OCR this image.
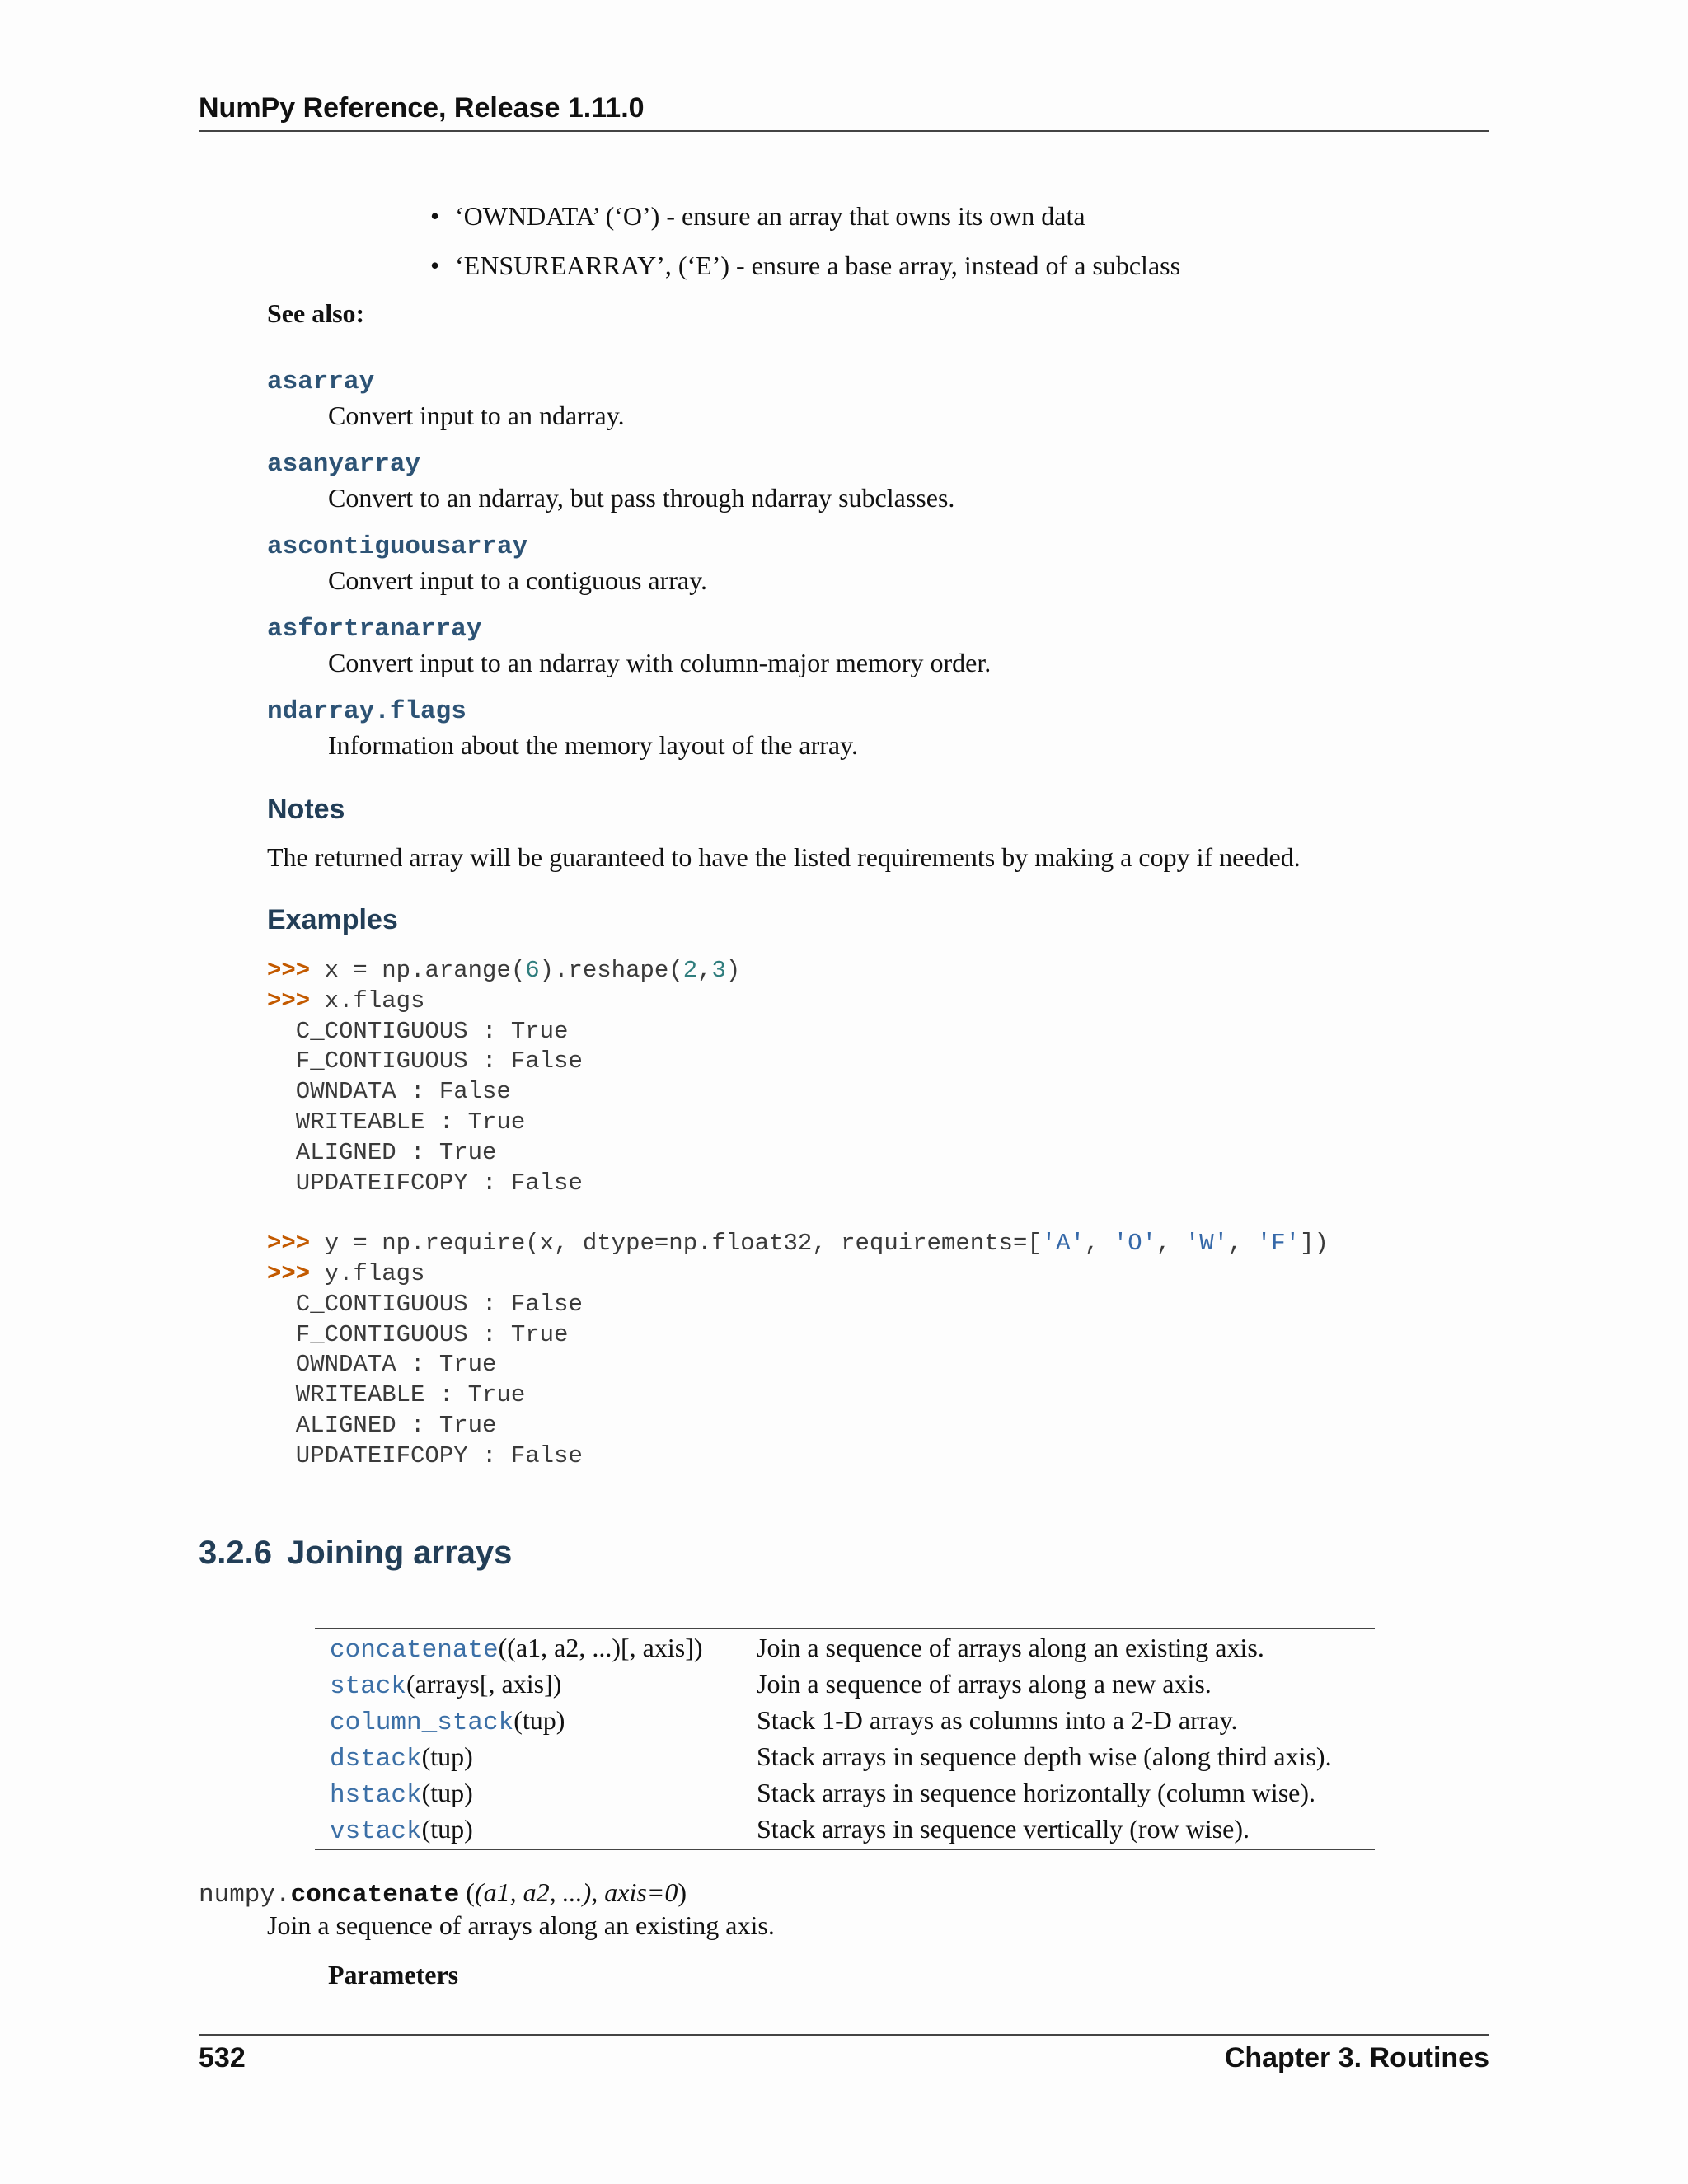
NumPy Reference, Release 1.11.0
• ‘OWNDATA’ (‘O’) - ensure an array that owns its own data
• ‘ENSUREARRAY’, (‘E’) - ensure a base array, instead of a subclass
See also:
asarray
Convert input to an ndarray.
asanyarray
Convert to an ndarray, but pass through ndarray subclasses.
ascontiguousarray
Convert input to a contiguous array.
asfortranarray
Convert input to an ndarray with column-major memory order.
ndarray.flags
Information about the memory layout of the array.
Notes
The returned array will be guaranteed to have the listed requirements by making a copy if needed.
Examples
>>> x = np.arange(6).reshape(2,3)
>>> x.flags
C_CONTIGUOUS : True
F_CONTIGUOUS : False
OWNDATA : False
WRITEABLE : True
ALIGNED : True
UPDATEIFCOPY : False

>>> y = np.require(x, dtype=np.float32, requirements=['A', 'O', 'W', 'F'])
>>> y.flags
C_CONTIGUOUS : False
F_CONTIGUOUS : True
OWNDATA : True
WRITEABLE : True
ALIGNED : True
UPDATEIFCOPY : False
3.2.6 Joining arrays
concatenate((a1, a2, ...)[, axis])	Join a sequence of arrays along an existing axis.
stack(arrays[, axis])	Join a sequence of arrays along a new axis.
column_stack(tup)	Stack 1-D arrays as columns into a 2-D array.
dstack(tup)	Stack arrays in sequence depth wise (along third axis).
hstack(tup)	Stack arrays in sequence horizontally (column wise).
vstack(tup)	Stack arrays in sequence vertically (row wise).
numpy.concatenate ((a1, a2, ...), axis=0)
Join a sequence of arrays along an existing axis.
Parameters
532	Chapter 3. Routines
